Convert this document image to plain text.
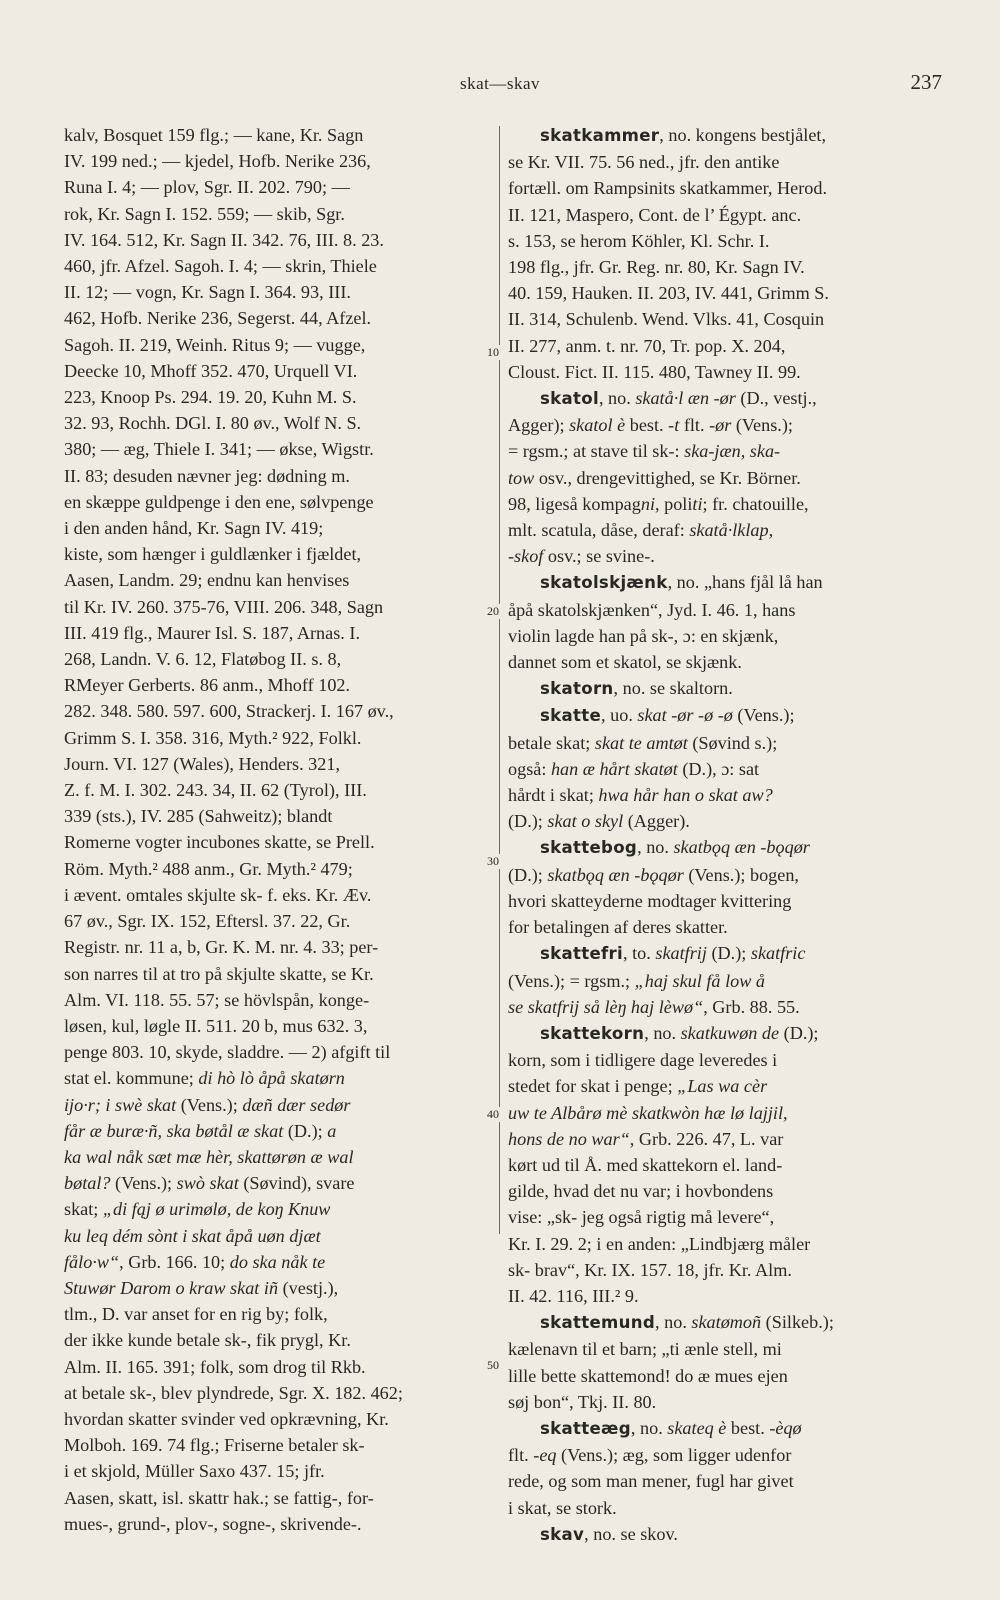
skat—skav	237
kalv, Bosquet 159 flg.; — kane, Kr. Sagn
IV. 199 ned.; — kjedel, Hofb. Nerike 236,
Runa I. 4; — plov, Sgr. II. 202. 790; —
rok, Kr. Sagn I. 152. 559; — skib, Sgr.
IV. 164. 512, Kr. Sagn II. 342. 76, III. 8. 23.
460, jfr. Afzel. Sagoh. I. 4; — skrin, Thiele
II. 12; — vogn, Kr. Sagn I. 364. 93, III.
462, Hofb. Nerike 236, Segerst. 44, Afzel.
Sagoh. II. 219, Weinh. Ritus 9; — vugge,
Deecke 10, Mhoff 352. 470, Urquell VI.
223, Knoop Ps. 294. 19. 20, Kuhn M. S.
32. 93, Rochh. DGl. I. 80 øv., Wolf N. S.
380; — æg, Thiele I. 341; — økse, Wigstr.
II. 83; desuden nævner jeg: dødning m.
en skæppe guldpenge i den ene, sølvpenge
i den anden hånd, Kr. Sagn IV. 419;
kiste, som hænger i guldlænker i fjældet,
Aasen, Landm. 29; endnu kan henvises
til Kr. IV. 260. 375-76, VIII. 206. 348, Sagn
III. 419 flg., Maurer Isl. S. 187, Arnas. I.
268, Landn. V. 6. 12, Flatøbog II. s. 8,
RMeyer Gerberts. 86 anm., Mhoff 102.
282. 348. 580. 597. 600, Strackerj. I. 167 øv.,
Grimm S. I. 358. 316, Myth.² 922, Folkl.
Journ. VI. 127 (Wales), Henders. 321,
Z. f. M. I. 302. 243. 34, II. 62 (Tyrol), III.
339 (sts.), IV. 285 (Sahweitz); blandt
Romerne vogter incubones skatte, se Prell.
Röm. Myth.² 488 anm., Gr. Myth.² 479;
i ævent. omtales skjulte sk- f. eks. Kr. Æv.
67 øv., Sgr. IX. 152, Eftersl. 37. 22, Gr.
Registr. nr. 11 a, b, Gr. K. M. nr. 4. 33; per-
son narres til at tro på skjulte skatte, se Kr.
Alm. VI. 118. 55. 57; se hövlspån, konge-
løsen, kul, løgle II. 511. 20 b, mus 632. 3,
penge 803. 10, skyde, sladdre. — 2) afgift til
stat el. kommune; di hò lò åpå skatørn
ijo·r; i swè skat (Vens.); dæñ dær sedør
får æ buræ·ñ, ska bøtål æ skat (D.); a
ka wal nåk sæt mæ hèr, skattørøn æ wal
bøtal? (Vens.); swò skat (Søvind), svare
skat; „di fąj ø urimølø, de koŋ Knuw
ku leq dém sònt i skat åpå uøn djæt
fålo·w“, Grb. 166. 10; do ska nåk te
Stuwør Darom o kraw skat iñ (vestj.),
tlm., D. var anset for en rig by; folk,
der ikke kunde betale sk-, fik prygl, Kr.
Alm. II. 165. 391; folk, som drog til Rkb.
at betale sk-, blev plyndrede, Sgr. X. 182. 462;
hvordan skatter svinder ved opkrævning, Kr.
Molboh. 169. 74 flg.; Friserne betaler sk-
i et skjold, Müller Saxo 437. 15; jfr.
Aasen, skatt, isl. skattr hak.; se fattig-, for-
mues-, grund-, plov-, sogne-, skrivende-.
skatkammer, no. kongens bestjålet,
se Kr. VII. 75. 56 ned., jfr. den antike
fortæll. om Rampsinits skatkammer, Herod.
II. 121, Maspero, Cont. de l’ Égypt. anc.
s. 153, se herom Köhler, Kl. Schr. I.
198 flg., jfr. Gr. Reg. nr. 80, Kr. Sagn IV.
40. 159, Hauken. II. 203, IV. 441, Grimm S.
II. 314, Schulenb. Wend. Vlks. 41, Cosquin
II. 277, anm. t. nr. 70, Tr. pop. X. 204,
Cloust. Fict. II. 115. 480, Tawney II. 99.
skatol, no. skatå·l æn -ør (D., vestj.,
Agger); skatol è best. -t flt. -ør (Vens.);
= rgsm.; at stave til sk-: ska-jæn, ska-
tow osv., drengevittighed, se Kr. Börner.
98, ligeså kompagni, politi; fr. chatouille,
mlt. scatula, dåse, deraf: skatå·lklap,
-skof osv.; se svine-.
skatolskjænk, no. „hans fjål lå han
åpå skatolskjænken“, Jyd. I. 46. 1, hans
violin lagde han på sk-, ɔ: en skjænk,
dannet som et skatol, se skjænk.
skatorn, no. se skaltorn.
skatte, uo. skat -ør -ø -ø (Vens.);
betale skat; skat te amtøt (Søvind s.);
også: han æ hårt skatøt (D.), ɔ: sat
hårdt i skat; hwa hår han o skat aw?
(D.); skat o skyl (Agger).
skattebog, no. skatbǫq æn -bǫqør
(D.); skatbǫq æn -bǫqør (Vens.); bogen,
hvori skatteyderne modtager kvittering
for betalingen af deres skatter.
skattefri, to. skatfrij (D.); skatfric
(Vens.); = rgsm.; „haj skul få low å
se skatfrij så lèŋ haj lèwø“, Grb. 88. 55.
skattekorn, no. skatkuwøn de (D.);
korn, som i tidligere dage leveredes i
stedet for skat i penge; „Las wa cèr
uw te Albårø mè skatkwòn hæ lø lajjil,
hons de no war“, Grb. 226. 47, L. var
kørt ud til Å. med skattekorn el. land-
gilde, hvad det nu var; i hovbondens
vise: „sk- jeg også rigtig må levere“,
Kr. I. 29. 2; i en anden: „Lindbjærg måler
sk- brav“, Kr. IX. 157. 18, jfr. Kr. Alm.
II. 42. 116, III.² 9.
skattemund, no. skatømoñ (Silkeb.);
kælenavn til et barn; „ti ænle stell, mi
lille bette skattemond! do æ mues ejen
søj bon“, Tkj. II. 80.
skatteæg, no. skateq è best. -èqø
flt. -eq (Vens.); æg, som ligger udenfor
rede, og som man mener, fugl har givet
i skat, se stork.
skav, no. se skov.
10
20
30
40
50
